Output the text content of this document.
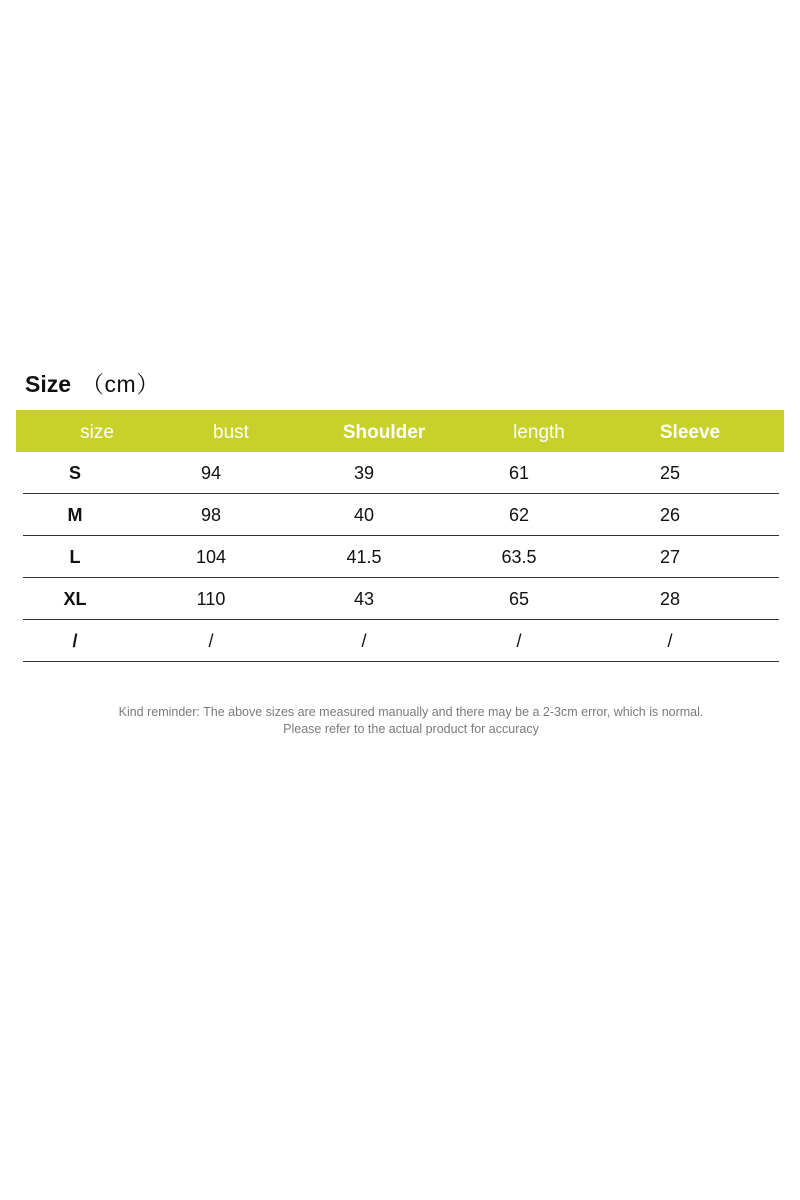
Size （cm）
size	bust	Shoulder	length	Sleeve
S	94	39	61	25
M	98	40	62	26
L	104	41.5	63.5	27
XL	110	43	65	28
/	/	/	/	/
Kind reminder: The above sizes are measured manually and there may be a 2-3cm error, which is normal.
Please refer to the actual product for accuracy
